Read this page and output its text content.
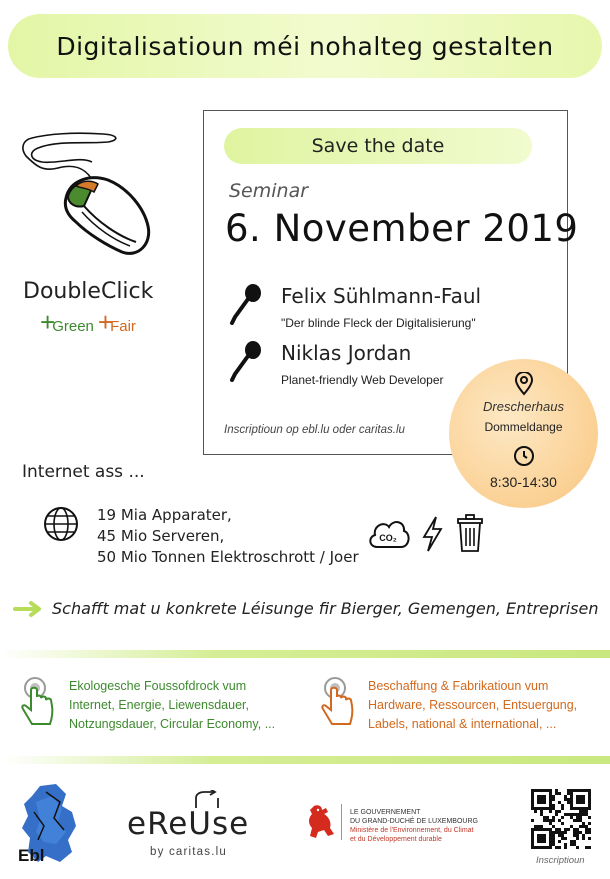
Digitalisatioun méi nohalteg gestalten
DoubleClick
+
Green +
Fair
Save the date
Seminar
6. November 2019
Felix Sühlmann-Faul
"Der blinde Fleck der Digitalisierung"
Niklas Jordan
Planet-friendly Web Developer
Inscriptioun op ebl.lu oder caritas.lu
Drescherhaus
Dommeldange
8:30-14:30
Internet ass ...
19 Mia Apparater,
45 Mio Serveren,
50 Mio Tonnen Elektroschrott / Joer
CO₂
Schafft mat u konkrete Léisunge fir Bierger, Gemengen, Entreprisen
Ekologesche Foussofdrock vum
Internet, Energie, Liewensdauer,
Notzungsdauer, Circular Economy, ...
Beschaffung & Fabrikatioun vum
Hardware, Ressourcen, Entsuergung,
Labels, national & international, ...
Ebl
eReUse
by caritas.lu
LE GOUVERNEMENT
DU GRAND-DUCHÉ DE LUXEMBOURG
Ministère de l'Environnement, du Climat
et du Développement durable
Inscriptioun
